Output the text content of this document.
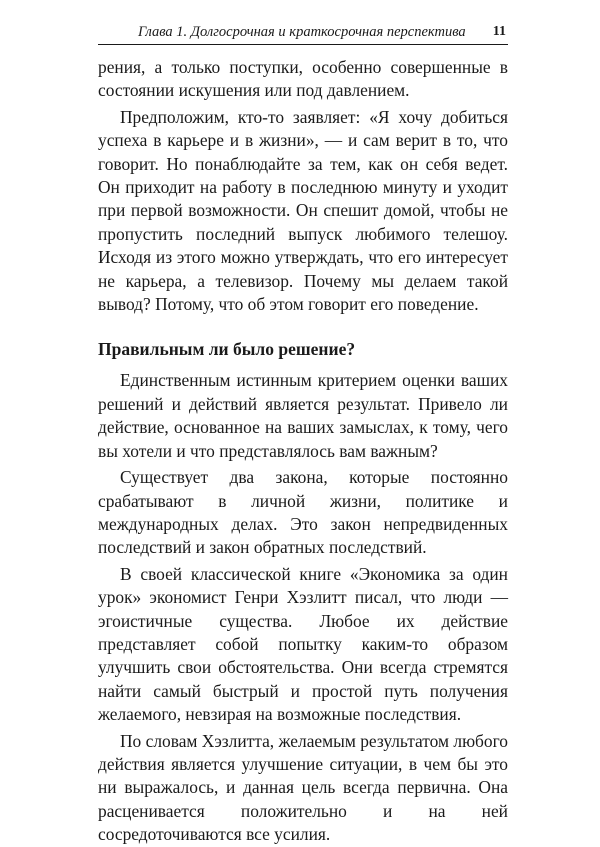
Глава 1. Долгосрочная и краткосрочная перспектива 11

рения, а только поступки, особенно совершенные в состоянии искушения или под давлением.

Предположим, кто-то заявляет: «Я хочу добиться успеха в карьере и в жизни», — и сам верит в то, что говорит. Но понаблюдайте за тем, как он себя ведет. Он приходит на работу в последнюю минуту и уходит при первой возможности. Он спешит домой, чтобы не пропустить последний выпуск любимого телешоу. Исходя из этого можно утверждать, что его интересует не карьера, а телевизор. Почему мы делаем такой вывод? Потому, что об этом говорит его поведение.

Правильным ли было решение?

Единственным истинным критерием оценки ваших решений и действий является результат. Привело ли действие, основанное на ваших замыслах, к тому, чего вы хотели и что представлялось вам важным?

Существует два закона, которые постоянно срабатывают в личной жизни, политике и международных делах. Это закон непредвиденных последствий и закон обратных последствий.

В своей классической книге «Экономика за один урок» экономист Генри Хэзлитт писал, что люди — эгоистичные существа. Любое их действие представляет собой попытку каким-то образом улучшить свои обстоятельства. Они всегда стремятся найти самый быстрый и простой путь получения желаемого, невзирая на возможные последствия.

По словам Хэзлитта, желаемым результатом любого действия является улучшение ситуации, в чем бы это ни выражалось, и данная цель всегда первична. Она расценивается положительно и на ней сосредоточиваются все усилия.
